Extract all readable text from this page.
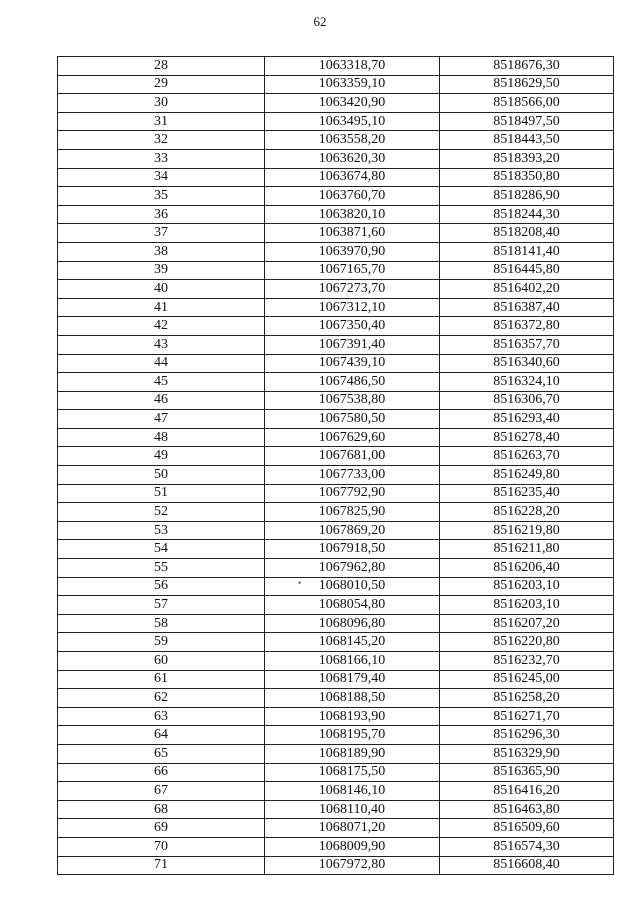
62
28	1063318,70	8518676,30
29	1063359,10	8518629,50
30	1063420,90	8518566,00
31	1063495,10	8518497,50
32	1063558,20	8518443,50
33	1063620,30	8518393,20
34	1063674,80	8518350,80
35	1063760,70	8518286,90
36	1063820,10	8518244,30
37	1063871,60	8518208,40
38	1063970,90	8518141,40
39	1067165,70	8516445,80
40	1067273,70	8516402,20
41	1067312,10	8516387,40
42	1067350,40	8516372,80
43	1067391,40	8516357,70
44	1067439,10	8516340,60
45	1067486,50	8516324,10
46	1067538,80	8516306,70
47	1067580,50	8516293,40
48	1067629,60	8516278,40
49	1067681,00	8516263,70
50	1067733,00	8516249,80
51	1067792,90	8516235,40
52	1067825,90	8516228,20
53	1067869,20	8516219,80
54	1067918,50	8516211,80
55	1067962,80	8516206,40
56	1068010,50	8516203,10
57	1068054,80	8516203,10
58	1068096,80	8516207,20
59	1068145,20	8516220,80
60	1068166,10	8516232,70
61	1068179,40	8516245,00
62	1068188,50	8516258,20
63	1068193,90	8516271,70
64	1068195,70	8516296,30
65	1068189,90	8516329,90
66	1068175,50	8516365,90
67	1068146,10	8516416,20
68	1068110,40	8516463,80
69	1068071,20	8516509,60
70	1068009,90	8516574,30
71	1067972,80	8516608,40
•
